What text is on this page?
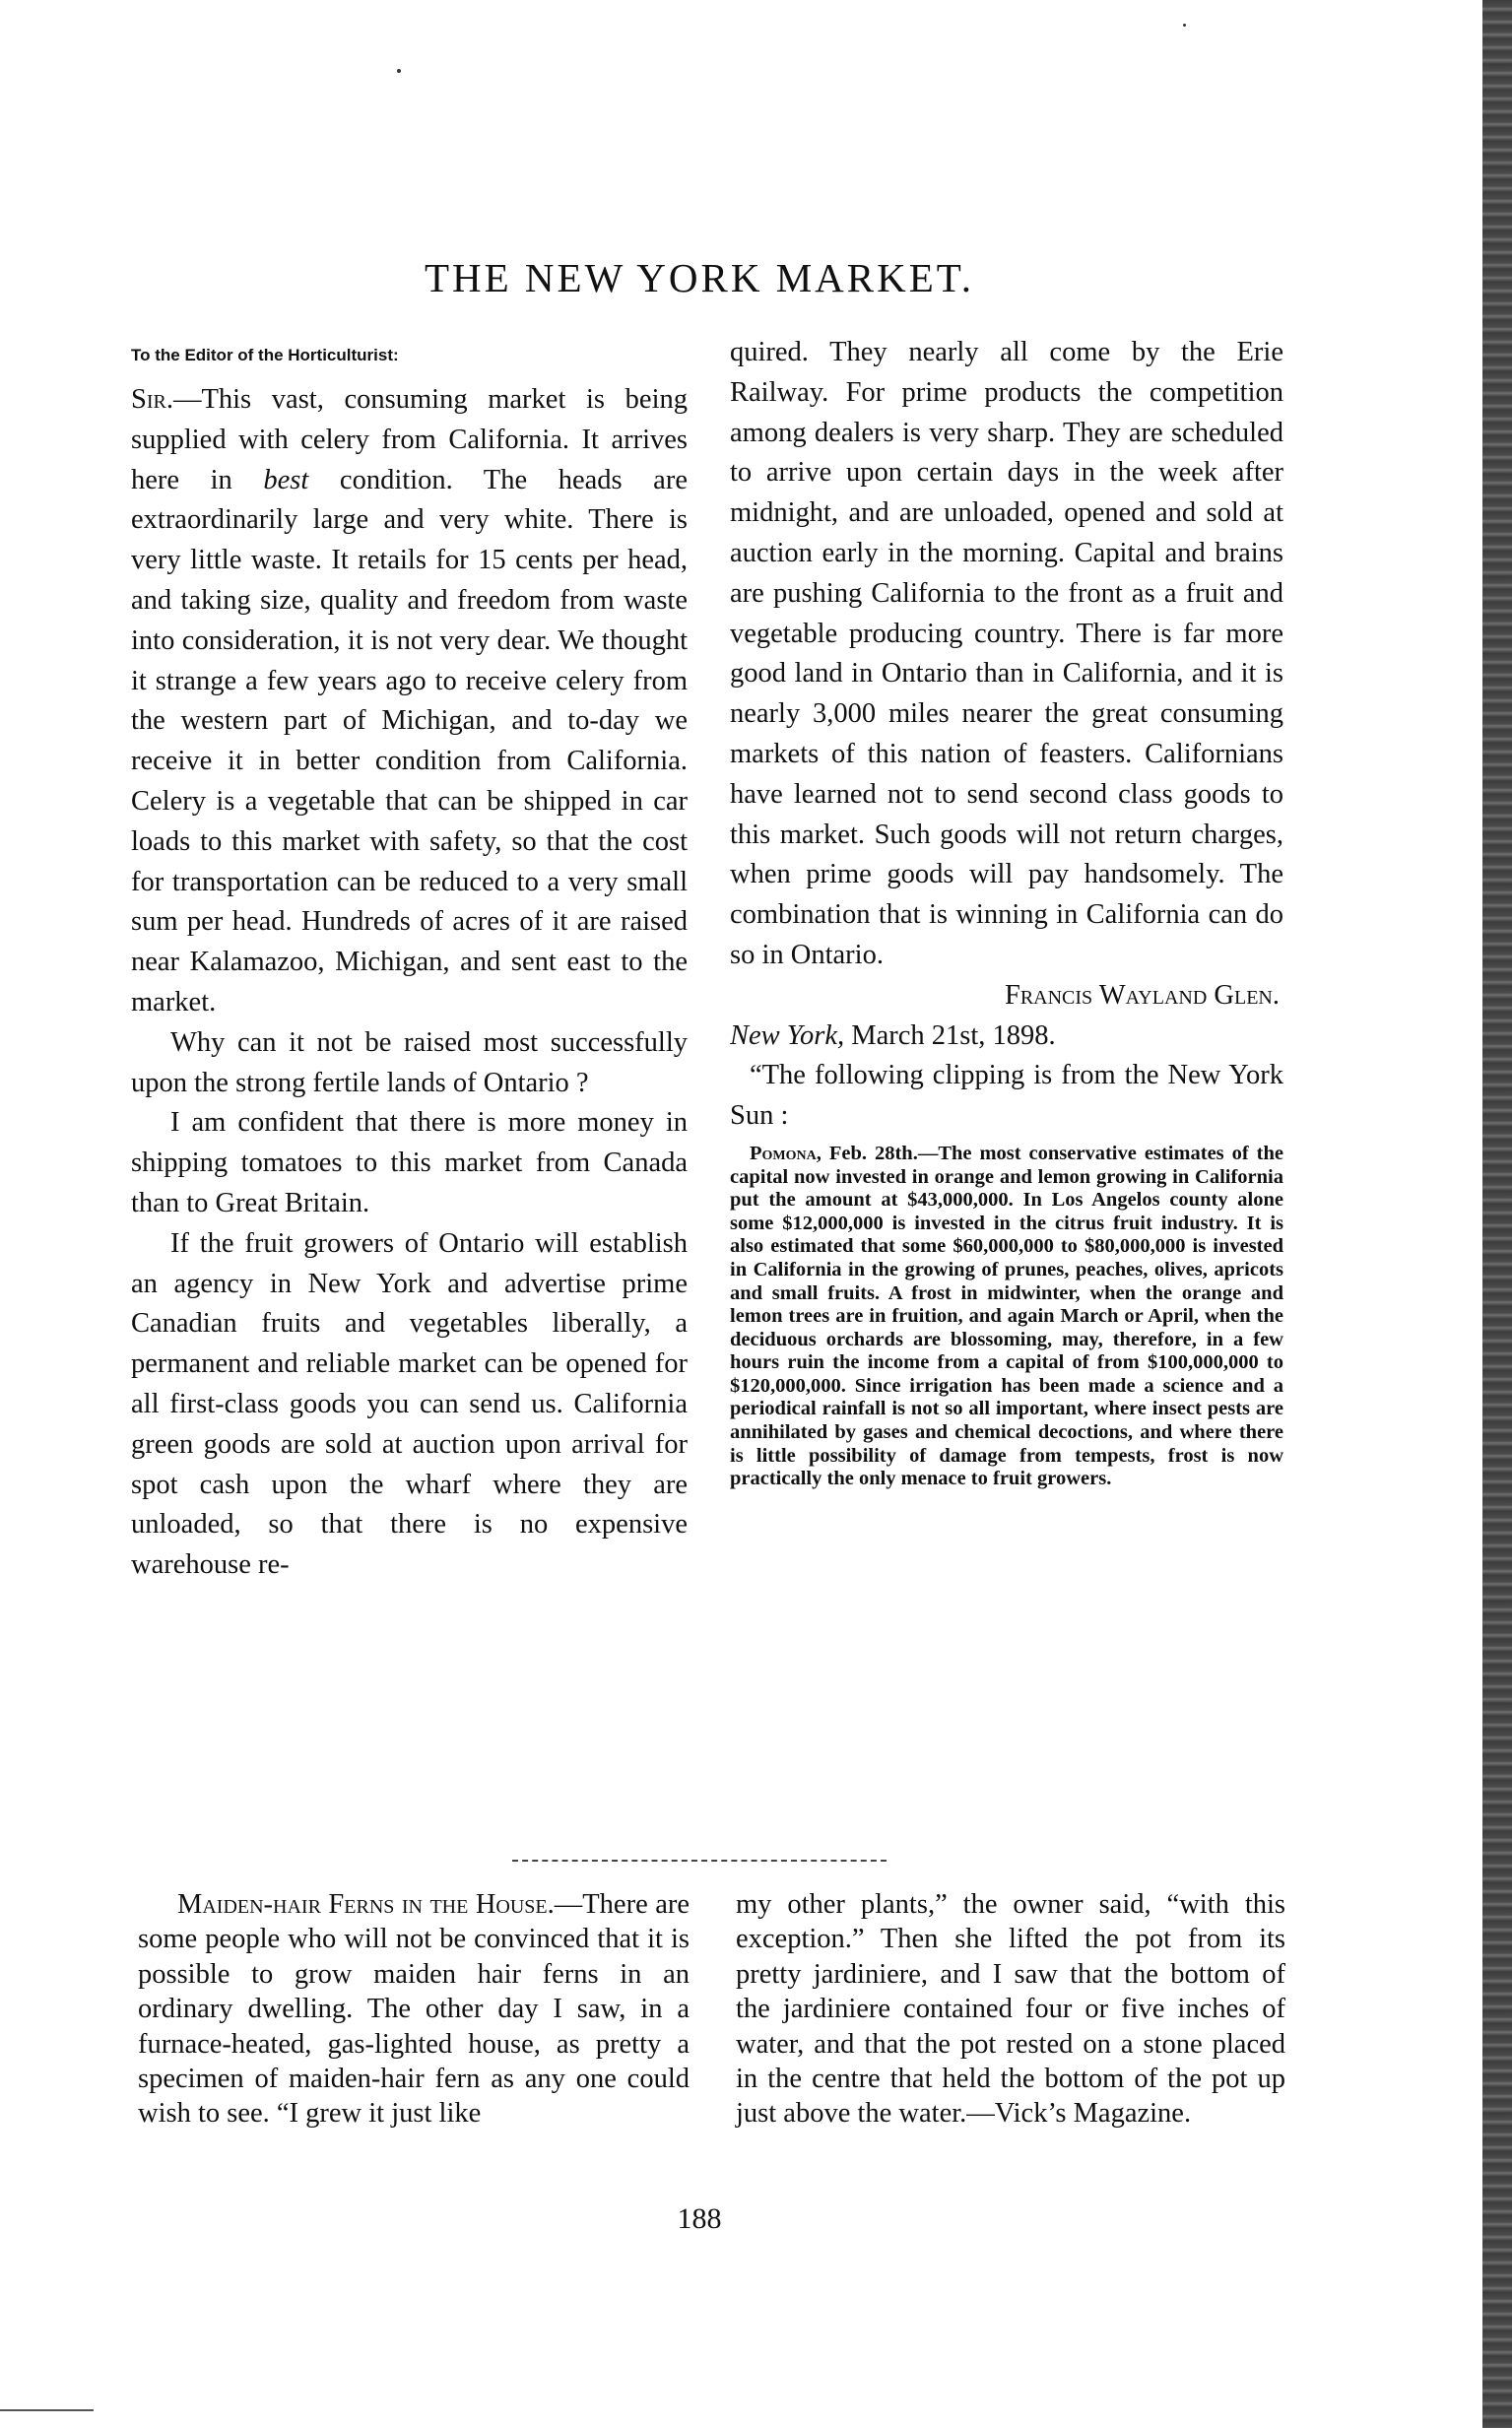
THE NEW YORK MARKET.
To the Editor of the Horticulturist:

Sir.—This vast, consuming market is being supplied with celery from California. It arrives here in best condition. The heads are extraordinarily large and very white. There is very little waste. It retails for 15 cents per head, and taking size, quality and freedom from waste into consideration, it is not very dear. We thought it strange a few years ago to receive celery from the western part of Michigan, and to-day we receive it in better condition from California. Celery is a vegetable that can be shipped in car loads to this market with safety, so that the cost for transportation can be reduced to a very small sum per head. Hundreds of acres of it are raised near Kalamazoo, Michigan, and sent east to the market.

Why can it not be raised most successfully upon the strong fertile lands of Ontario ?

I am confident that there is more money in shipping tomatoes to this market from Canada than to Great Britain.

If the fruit growers of Ontario will establish an agency in New York and advertise prime Canadian fruits and vegetables liberally, a permanent and reliable market can be opened for all first-class goods you can send us. California green goods are sold at auction upon arrival for spot cash upon the wharf where they are unloaded, so that there is no expensive warehouse re-

quired. They nearly all come by the Erie Railway. For prime products the competition among dealers is very sharp. They are scheduled to arrive upon certain days in the week after midnight, and are unloaded, opened and sold at auction early in the morning. Capital and brains are pushing California to the front as a fruit and vegetable producing country. There is far more good land in Ontario than in California, and it is nearly 3,000 miles nearer the great consuming markets of this nation of feasters. Californians have learned not to send second class goods to this market. Such goods will not return charges, when prime goods will pay handsomely. The combination that is winning in California can do so in Ontario.

Francis Wayland Glen.

New York, March 21st, 1898.

“The following clipping is from the New York Sun :

Pomona, Feb. 28th.—The most conservative estimates of the capital now invested in orange and lemon growing in California put the amount at $43,000,000. In Los Angelos county alone some $12,000,000 is invested in the citrus fruit industry. It is also estimated that some $60,000,000 to $80,000,000 is invested in California in the growing of prunes, peaches, olives, apricots and small fruits. A frost in midwinter, when the orange and lemon trees are in fruition, and again March or April, when the deciduous orchards are blossoming, may, therefore, in a few hours ruin the income from a capital of from $100,000,000 to $120,000,000. Since irrigation has been made a science and a periodical rainfall is not so all important, where insect pests are annihilated by gases and chemical decoctions, and where there is little possibility of damage from tempests, frost is now practically the only menace to fruit growers.

Maiden-hair Ferns in the House.—There are some people who will not be convinced that it is possible to grow maiden hair ferns in an ordinary dwelling. The other day I saw, in a furnace-heated, gas-lighted house, as pretty a specimen of maiden-hair fern as any one could wish to see. “I grew it just like

my other plants,” the owner said, “with this exception.” Then she lifted the pot from its pretty jardiniere, and I saw that the bottom of the jardiniere contained four or five inches of water, and that the pot rested on a stone placed in the centre that held the bottom of the pot up just above the water.—Vick’s Magazine.

188
